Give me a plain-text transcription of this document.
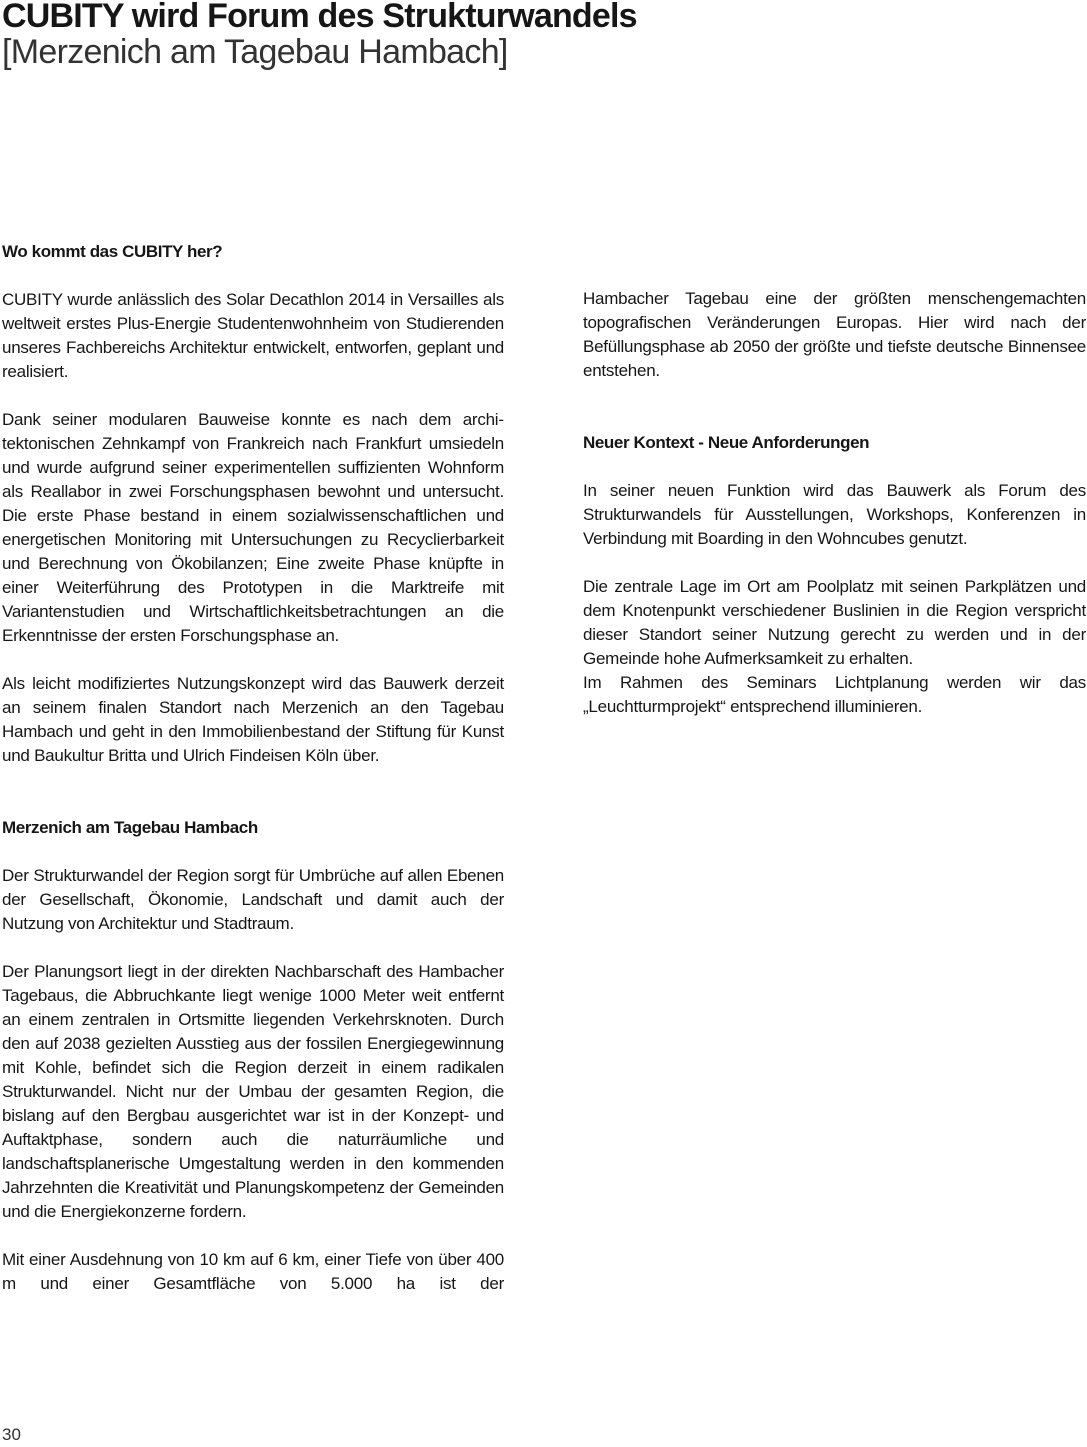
CUBITY wird Forum des Strukturwandels
[Merzenich am Tagebau Hambach]
Wo kommt das CUBITY her?

CUBITY wurde anlässlich des Solar Decathlon 2014 in Versailles als weltweit erstes Plus-Energie Studentenwohnheim von Studierenden unseres Fachbereichs Architektur entwickelt, entworfen, geplant und realisiert.

Dank seiner modularen Bauweise konnte es nach dem architektonischen Zehnkampf von Frankreich nach Frankfurt umsiedeln und wurde aufgrund seiner experimentellen suffizienten Wohnform als Reallabor in zwei Forschungsphasen bewohnt und untersucht. Die erste Phase bestand in einem sozialwissenschaftlichen und energetischen Monitoring mit Untersuchungen zu Recyclierbarkeit und Berechnung von Ökobilanzen; Eine zweite Phase knüpfte in einer Weiterführung des Prototypen in die Marktreife mit Variantenstudien und Wirtschaftlichkeitsbetrachtungen an die Erkenntnisse der ersten Forschungsphase an.

Als leicht modifiziertes Nutzungskonzept wird das Bauwerk derzeit an seinem finalen Standort nach Merzenich an den Tagebau Hambach und geht in den Immobilienbestand der Stiftung für Kunst und Baukultur Britta und Ulrich Findeisen Köln über.

Merzenich am Tagebau Hambach

Der Strukturwandel der Region sorgt für Umbrüche auf allen Ebenen der Gesellschaft, Ökonomie, Landschaft und damit auch der Nutzung von Architektur und Stadtraum.

Der Planungsort liegt in der direkten Nachbarschaft des Hambacher Tagebaus, die Abbruchkante liegt wenige 1000 Meter weit entfernt an einem zentralen in Ortsmitte liegenden Verkehrsknoten. Durch den auf 2038 gezielten Ausstieg aus der fossilen Energiegewinnung mit Kohle, befindet sich die Region derzeit in einem radikalen Strukturwandel. Nicht nur der Umbau der gesamten Region, die bislang auf den Bergbau ausgerichtet war ist in der Konzept- und Auftaktphase, sondern auch die naturräumliche und landschaftsplanerische Umgestaltung werden in den kommenden Jahrzehnten die Kreativität und Planungskompetenz der Gemeinden und die Energiekonzerne fordern.

Mit einer Ausdehnung von 10 km auf 6 km, einer Tiefe von über 400 m und einer Gesamtfläche von 5.000 ha ist der

Hambacher Tagebau eine der größten menschengemachten topografischen Veränderungen Europas. Hier wird nach der Befüllungsphase ab 2050 der größte und tiefste deutsche Binnensee entstehen.

Neuer Kontext - Neue Anforderungen

In seiner neuen Funktion wird das Bauwerk als Forum des Strukturwandels für Ausstellungen, Workshops, Konferenzen in Verbindung mit Boarding in den Wohncubes genutzt.

Die zentrale Lage im Ort am Poolplatz mit seinen Parkplätzen und dem Knotenpunkt verschiedener Buslinien in die Region verspricht dieser Standort seiner Nutzung gerecht zu werden und in der Gemeinde hohe Aufmerksamkeit zu erhalten.

Im Rahmen des Seminars Lichtplanung werden wir das „Leuchtturmprojekt“ entsprechend illuminieren.

30
